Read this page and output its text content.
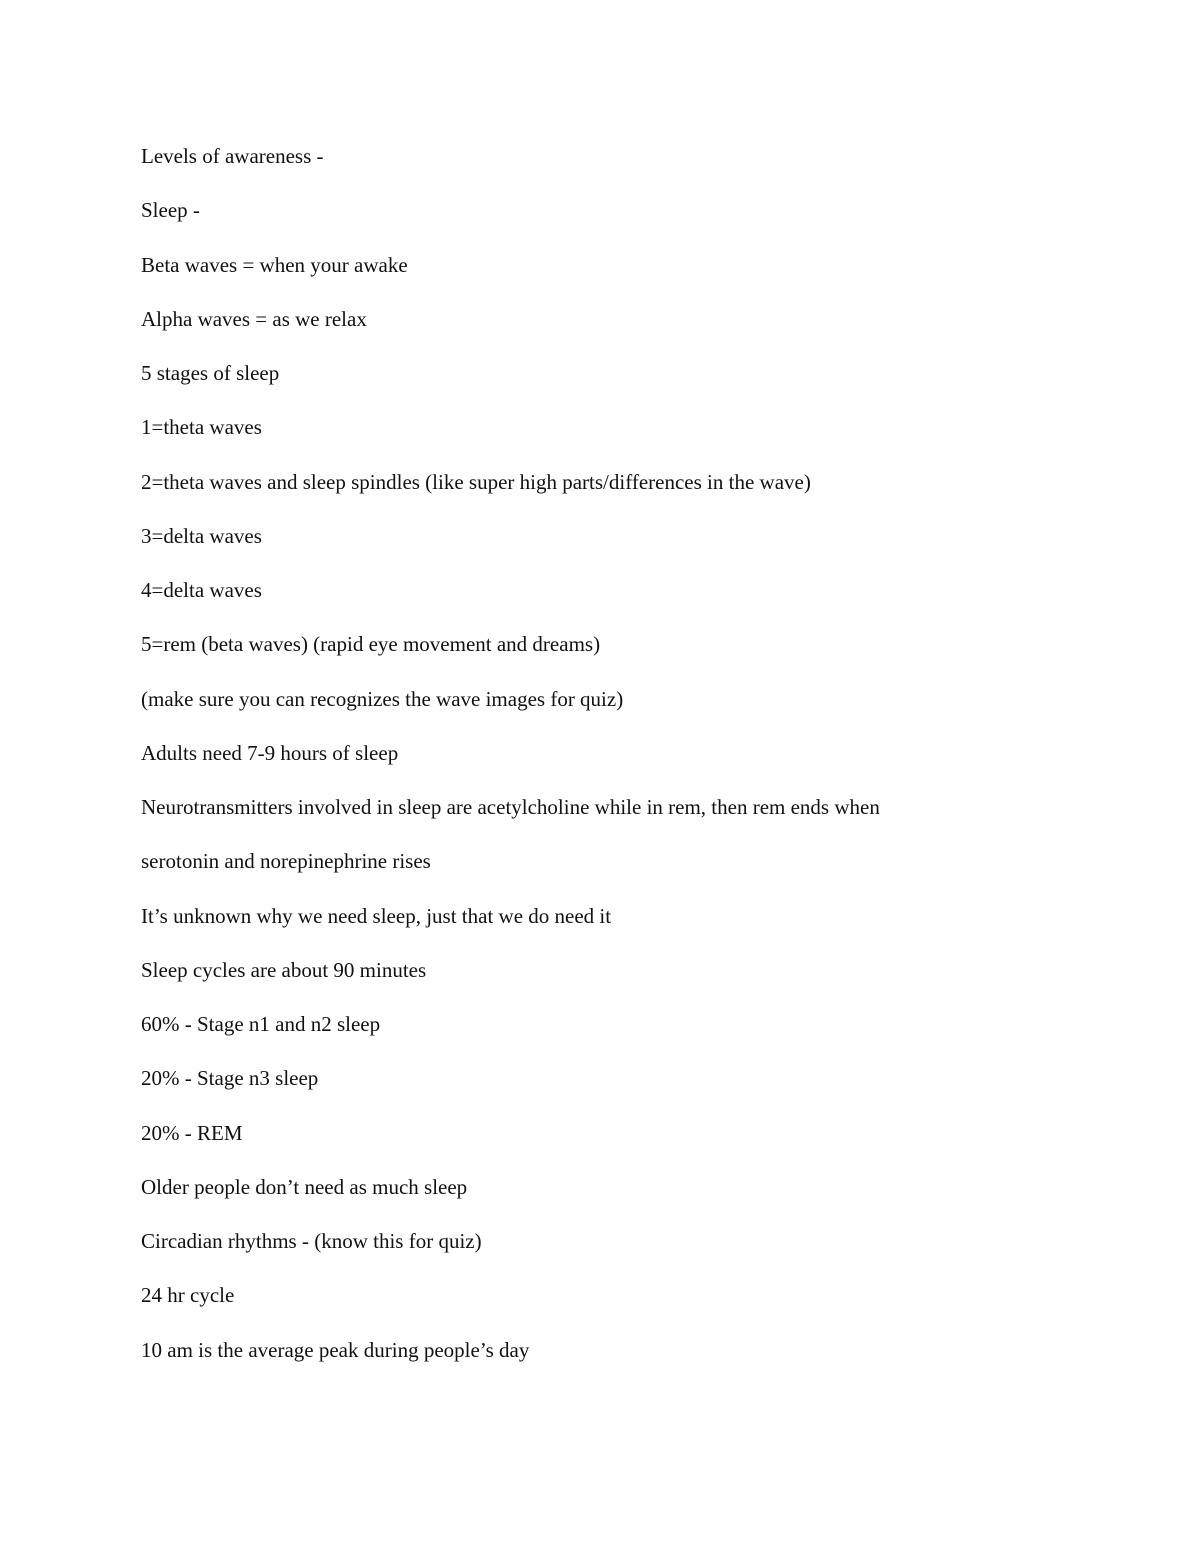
Levels of awareness -
Sleep -
Beta waves = when your awake
Alpha waves = as we relax
5 stages of sleep
1=theta waves
2=theta waves and sleep spindles (like super high parts/differences in the wave)
3=delta waves
4=delta waves
5=rem (beta waves) (rapid eye movement and dreams)
(make sure you can recognizes the wave images for quiz)
Adults need 7-9 hours of sleep
Neurotransmitters involved in sleep are acetylcholine while in rem, then rem ends when
serotonin and norepinephrine rises
It’s unknown why we need sleep, just that we do need it
Sleep cycles are about 90 minutes
60% - Stage n1 and n2 sleep
20% - Stage n3 sleep
20% - REM
Older people don’t need as much sleep
Circadian rhythms - (know this for quiz)
24 hr cycle
10 am is the average peak during people’s day
